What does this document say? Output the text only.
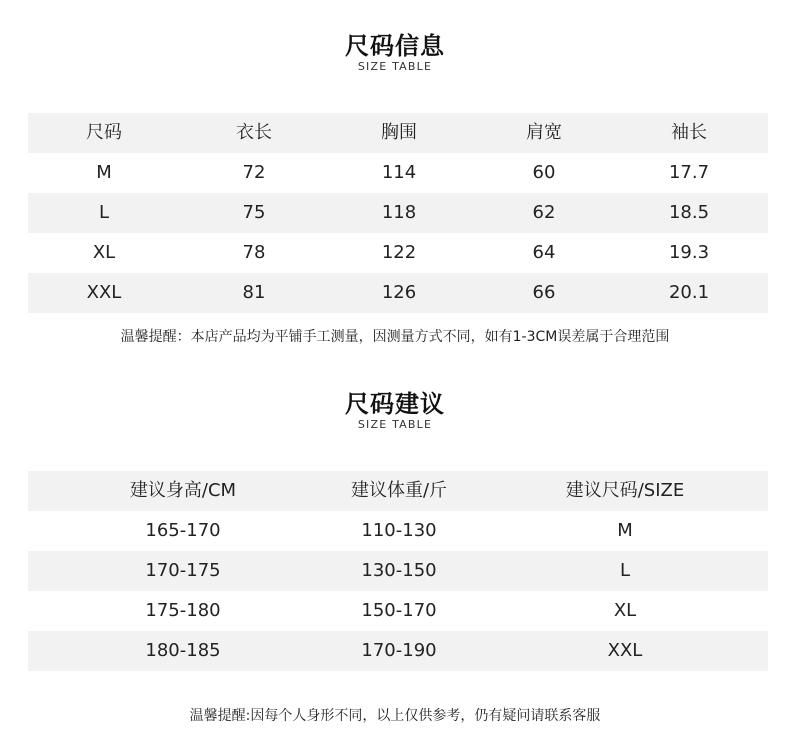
尺码信息
SIZE TABLE
尺码	衣长	胸围	肩宽	袖长
M	72	114	60	17.7
L	75	118	62	18.5
XL	78	122	64	19.3
XXL	81	126	66	20.1
温馨提醒：本店产品均为平铺手工测量，因测量方式不同，如有1-3CM误差属于合理范围
尺码建议
SIZE TABLE
建议身高/CM	建议体重/斤	建议尺码/SIZE
165-170	110-130	M
170-175	130-150	L
175-180	150-170	XL
180-185	170-190	XXL
温馨提醒:因每个人身形不同，以上仅供参考，仍有疑问请联系客服
